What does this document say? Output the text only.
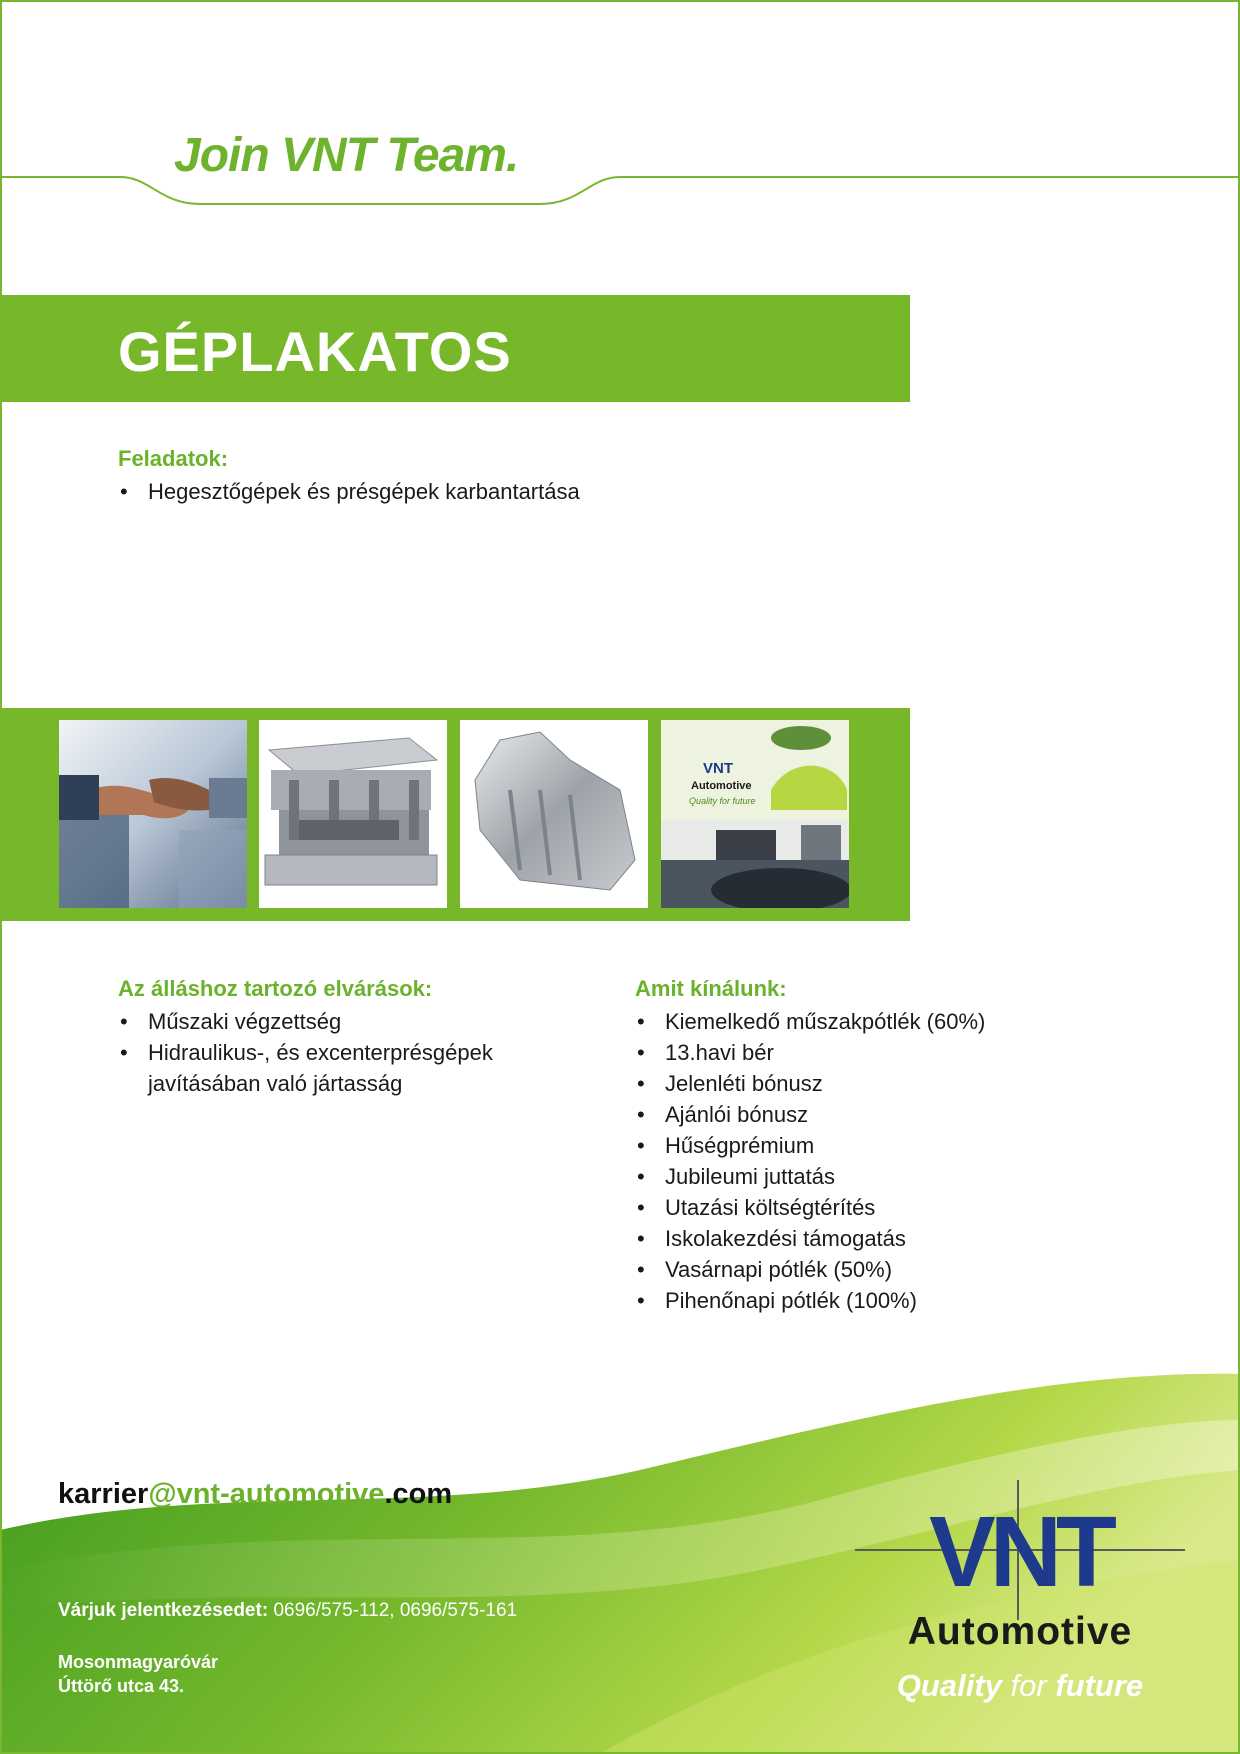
Join VNT Team.
GÉPLAKATOS
Feladatok:
• Hegesztőgépek és présgépek karbantartása
VNT
Automotive
Quality for future
Az álláshoz tartozó elvárások:
• Műszaki végzettség
• Hidraulikus-, és excenterprésgépek javításában való jártasság
Amit kínálunk:
• Kiemelkedő műszakpótlék (60%)
• 13.havi bér
• Jelenléti bónusz
• Ajánlói bónusz
• Hűségprémium
• Jubileumi juttatás
• Utazási költségtérítés
• Iskolakezdési támogatás
• Vasárnapi pótlék (50%)
• Pihenőnapi pótlék (100%)
karrier@vnt-automotive.com
Várjuk jelentkezésedet: 0696/575-112, 0696/575-161
Mosonmagyaróvár
Úttörő utca 43.
VNT
Automotive
Quality for future
